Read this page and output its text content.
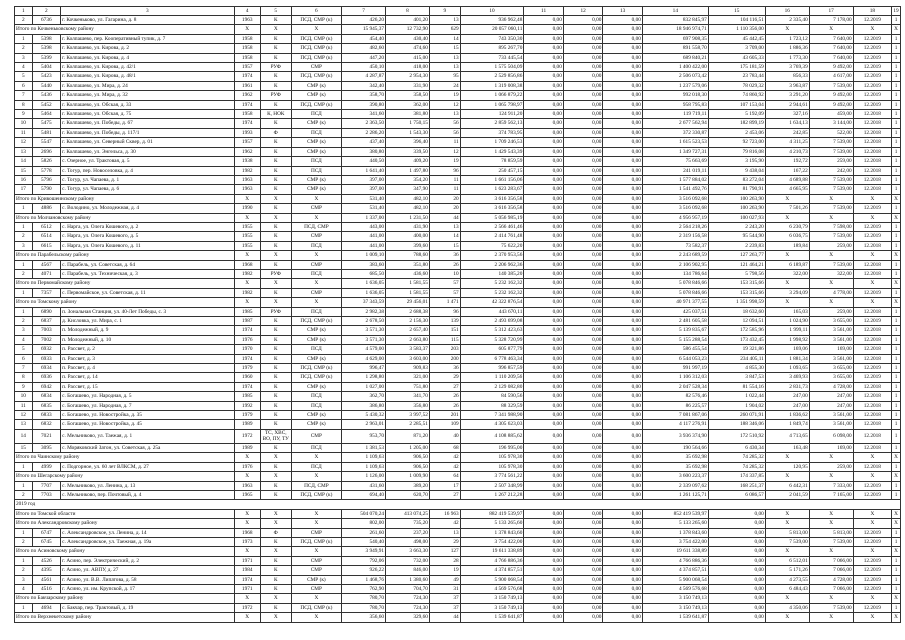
1	2	3	4	5	6	7	8	9	10	11	12	13	14	15	16	17	18	19
2	6736	г. Кочкеньково, ул. Гагарина, д. 8	1963	К	ПСД, СМР (к)	426,20	401,20	13	936 962,48	0,00	0,00	0,00	832 845,97	104 116,51	2 335,40	7 178,00	12.2019	1
Итого по Кочкеньковскому району			X	X	X	15 945,37	12 732,90	629	20 057 060,11	0,00	0,00	0,00	18 946 974,71	1 110 356,00	X	X	X	X
1	5398	г. Колпашево, пер. Кооперативный тупик, д. 7	1958	К	ПСД, СМР (к)	454,40	430,40	14	743 350,30	0,00	0,00	0,00	697 908,35	45 442,45	1 723,12	7 640,00	12.2019	1
2	5398	г. Колпашево, ул. Кирова, д. 2	1958	К	ПСД, СМР (к)	482,60	474,60	15	895 267,70	0,00	0,00	0,00	891 558,70	3 709,00	1 886,36	7 640,00	12.2019	1
3	5399	г. Колпашево, ул. Кирова, д. 4	1958	К	ПСД, СМР (к)	447,20	415,00	13	733 445,54	0,00	0,00	0,00	689 840,21	43 605,33	1 773,30	7 640,00	12.2019	1
4	5404	г. Колпашево, ул. Кирова, д. 42/1	1957	РУФ	СМР	450,10	418,00	13	1 575 504,09	0,00	0,00	0,00	1 400 422,00	175 181,59	3 769,39	9 492,00	12.2019	1
5	5423	г. Колпашево, ул. Кирова, д. 48/1	1974	К	ПСД, СМР (к)	4 287,87	2 954,30	95	2 529 856,86	0,00	0,00	0,00	2 506 073,42	23 783,44	856,33	4 617,00	12.2019	1
6	5440	г. Колпашево, ул. Мира, д. 24	1961	К	СМР (к)	342,40	331,90	24	1 319 008,38	0,00	0,00	0,00	1 237 579,06	78 029,32	3 963,87	7 539,00	12.2019	1
7	5436	г. Колпашево, ул. Мира, д. 32	1962	РУФ	СМР (к)	358,70	358,50	19	1 066 879,22	0,00	0,00	0,00	992 018,30	74 860,92	3 291,20	9 492,00	12.2019	1
8	5452	г. Колпашево, ул. Обская, д. 33	1974	К	ПСД, СМР (к)	390,80	362,00	12	1 065 798,97	0,00	0,00	0,00	958 795,83	107 153,04	2 944,61	9 492,00	12.2019	1
9	5464	г. Колпашево, ул. Обская, д. 75	1958	К, НОК	ПСД	341,60	381,80	13	124 911,20	0,00	0,00	0,00	119 719,11	5 192,09	327,16	459,00	12.2018	1
10	5475	г. Колпашево, ул. Победы, д. 67	1974	К	СМР (к)	2 363,50	1 750,15	56	2 859 562,13	0,00	0,00	0,00	2 677 562,94	182 899,19	1 634,13	3 144,00	12.2018	1
11	5481	г. Колпашево, ул. Победы, д. 117/1	1993	Ф	ПСД	2 286,20	1 543,30	56	374 783,95	0,00	0,00	0,00	372 330,87	2 453,06	242,85	522,00	12.2018	1
12	5547	г. Колпашево, ул. Северный Сквер, д. 01	1957	К	СМР (к)	437,40	396,40	11	1 709 246,53	0,00	0,00	0,00	1 615 523,53	92 723,00	4 311,25	7 539,00	12.2018	1
13	2696	г. Колпашево, ул. Энгельса, д. 30	1962	К	СМР (к)	380,80	339,50	12	1 429 543,39	0,00	0,00	0,00	1 349 727,31	79 816,08	4 210,73	7 539,00	12.2018	1
14	5826	с. Озерное, ул. Трактовая, д. 5	1938	К	ПСД	440,50	409,20	19	78 859,59	0,00	0,00	0,00	75 663,69	3 195,90	192,72	259,00	12.2018	1
15	5778	с. Тогур, пер. Новоселовка, д. 4	1982	К	ПСД	1 641,40	1 497,80	96	250 457,15	0,00	0,00	0,00	241 019,11	9 438,04	167,22	242,00	12.2018	1
16	5796	с. Тогур, ул. Чапаева, д. 1	1963	К	СМР (к)	397,00	354,20	11	1 661 156,06	0,00	0,00	0,00	1 577 884,02	83 272,04	4 689,88	7 539,00	12.2018	1
17	5790	с. Тогур, ул. Чапаева, д. 6	1963	К	СМР (к)	397,00	347,90	11	1 623 283,67	0,00	0,00	0,00	1 541 492,76	81 790,91	4 665,95	7 539,00	12.2018	1
Итого по Кривошеинскому району			X	X	X	531,40	482,10	20	3 616 356,58	0,00	0,00	0,00	3 516 092,68	100 263,90	X	X	X	X
1	4886	с. Володино, ул. Молодежная, д. 4	1990	К	СМР	531,40	482,10	20	3 616 356,58	0,00	0,00	0,00	3 516 092,68	100 263,90	7 501,26	7 539,00	12.2019	1
Итого по Молчановскому району			X	X	X	1 337,00	1 231,50	44	5 056 985,19	0,00	0,00	0,00	4 956 957,19	100 027,93	X	X	X	X
1	6512	с. Нарга, ул. Олега Кошевого, д. 2	1955	К	ПСД, СМР	443,00	431,90	13	2 566 461,46	0,00	0,00	0,00	2 564 218,26	2 243,20	6 230,79	7 598,00	12.2019	1
2	6514	с. Нарга, ул. Олега Кошевого, д. 5	1955	К	СМР	441,00	400,00	14	2 414 761,48	0,00	0,00	0,00	2 319 156,58	95 544,90	6 036,75	7 539,00	12.2019	1
3	6615	с. Нарга, ул. Олега Кошевого, д. 11	1955	К	ПСД	441,00	399,60	15	75 622,20	0,00	0,00	0,00	73 582,37	2 239,83	189,84	259,00	12.2018	1
Итого по Парабельскому району			X	X	X	1 009,10	788,60	36	2 370 953,56	0,00	0,00	0,00	2 243 689,59	127 263,77	X	X	X	X
1	4567	с. Парабель, ул. Советская, д. 64	1968	К	СМР	383,60	351,80	26	2 206 962,36	0,00	0,00	0,00	2 106 902,95	121 464,21	6 189,87	7 539,00	12.2018	1
2	4071	с. Парабель, ул. Техническая, д. 3	1982	РУФ	ПСД	685,50	436,60	10	140 385,20	0,00	0,00	0,00	134 786,64	5 798,56	322,00	322,00	12.2018	1
Итого по Первомайскому району			X	X	X	1 636,05	1 581,55	57	5 232 162,32	0,00	0,00	0,00	5 078 846,66	153 315,66	X	X	X	X
1	7357	с. Первомайское, ул. Советская, д. 11	1982	К	СМР	1 636,05	1 581,55	57	5 232 162,32	0,00	0,00	0,00	5 078 846,66	153 315,66	3 294,09	4 778,00	12.2019	1
Итого по Томскому району			X	X	X	37 343,59	29 456,01	1 471	42 322 876,54	0,00	0,00	0,00	40 971 377,55	1 351 998,59	X	X	X	X
1	6890	п. Зональная Станция, ул. 40-Лет Победы, с. 3	1985	РУФ	ПСД	2 982,38	2 688,38	96	443 670,11	0,00	0,00	0,00	425 037,51	18 632,60	165,03	259,00	12.2018	1
2	6837	д. Кисловка, ул. Мира, с. 1	1987	К	ПСД, СМР (к)	2 678,50	2 156,30	139	2 493 699,08	0,00	0,00	0,00	2 481 605,58	12 094,51	1 024,90	3 655,00	12.2019	1
3	7003	п. Молодежный, д. 9	1974	К	СМР (к)	3 571,30	2 657,40	151	5 312 423,63	0,00	0,00	0,00	5 139 835,67	172 585,96	1 999,11	3 561,00	12.2018	1
4	7002	п. Молодежный, д. 10	1976	К	СМР (к)	3 571,30	2 663,80	115	5 328 720,99	0,00	0,00	0,00	5 155 288,54	173 432,45	1 998,92	3 561,00	12.2018	1
5	6932	п. Рассвет, д. 2	1970	К	ПСД	4 579,00	3 583,37	203	605 877,79	0,00	0,00	0,00	586 455,54	19 321,86	169,06	169,00	12.2018	1
6	6933	п. Рассвет, д. 3	1974	К	СМР (к)	4 629,00	3 603,00	200	6 778 463,34	0,00	0,00	0,00	6 544 053,23	234 405,11	1 881,34	3 561,00	12.2018	1
7	6934	п. Рассвет, д. 4	1979	К	ПСД, СМР (к)	996,47	909,83	36	996 857,59	0,00	0,00	0,00	991 997,19	4 855,30	1 093,65	3 655,00	12.2019	1
8	6936	п. Рассвет, д. 14	1960	К	ПСД, СМР (к)	1 298,80	321,00	29	1 110 209,56	0,00	0,00	0,00	1 106 312,03	3 847,53	3 469,93	3 655,00	12.2019	1
9	6942	п. Рассвет, д. 15	1974	К	СМР (к)	1 027,00	751,80	27	2 129 082,80	0,00	0,00	0,00	2 047 528,34	81 554,16	2 831,73	4 728,00	12.2018	1
10	6834	с. Богашево, ул. Народная, д. 5	1985	К	ПСД	362,70	341,70	26	84 590,56	0,00	0,00	0,00	82 576,46	1 022,44	247,00	247,00	12.2018	1
11	6835	с. Богашево, ул. Народная, д. 7	1992	К	ПСД	386,80	356,80	26	88 329,59	0,00	0,00	0,00	86 225,57	1 904,02	247,00	247,00	12.2018	1
12	6833	с. Богашево, ул. Новостройка, д. 35	1979	К	СМР (к)	5 430,32	3 997,52	201	7 341 988,90	0,00	0,00	0,00	7 081 867,06	260 071,91	1 836,62	3 561,00	12.2018	1
13	6832	с. Богашево, ул. Новостройка, д. 45	1989	К	СМР (к)	2 963,01	2 285,51	109	4 305 623,03	0,00	0,00	0,00	4 117 276,91	188 346,06	1 849,74	3 561,00	12.2018	1
14	7021	с. Мельниково, ул. Таежая, д. 1	1972	ТС, ХВС, ВО, ПУ, ТУ	СМР	953,70	871,20	40	4 108 885,62	0,00	0,00	0,00	3 936 374,90	172 510,92	4 713,65	6 098,00	12.2018	1
15	3095	с. Моряковский Затон, ул. Советская, д. 25а	1989	К	ПСД	1 381,53	1 205,00	68	196 995,00	0,00	0,00	0,00	190 564,66	6 430,34	163,48	169,00	12.2018	1
Итого по Чаинскому району			X	X	X	1 109,63	906,50	42	105 978,30	0,00	0,00	0,00	35 692,98	74 285,32	X	X	X	X
1	4999	с. Подгорное, ул. 60 лет ВЛКСМ, д. 27	1976	К	ПСД	1 109,63	906,50	42	105 978,30	0,00	0,00	0,00	35 692,98	74 285,32	120,95	259,00	12.2018	1
Итого по Шегарскому району			X	X	X	1 126,00	1 009,90	64	3 774 561,22	0,00	0,00	0,00	3 600 223,37	174 337,85	X	X	X	X
1	7707	с. Мельниково, ул. Ленина, д. 13	1963	К	ПСД, СМР	431,60	389,20	17	2 507 348,99	0,00	0,00	0,00	2 339 097,62	168 251,37	6 442,31	7 333,00	12.2019	1
2	7703	с. Мельниково, пер. Почтовый, д. 4	1965	К	ПСД, СМР (к)	694,40	620,70	27	1 267 212,28	0,00	0,00	0,00	1 261 125,71	6 086,57	2 041,59	7 165,00	12.2019	1
2019 год																		
Итого по Томской области			X	X	X	504 070,24	413 074,25	16 963	882 419 539,97	0,00	0,00	0,00	852 419 539,97	0,00	X	X	X	X
Итого по Александровскому району			X	X	X	802,00	735,20	42	5 133 265,60	0,00	0,00	0,00	5 133 265,60	0,00	X	X	X	X
1	6747	с. Александровское, ул. Ленина, д. 14	1968	Ф	СМР	261,60	237,20	13	1 378 843,60	0,00	0,00	0,00	1 378 843,60	0,00	5 813,00	5 813,00	12.2019	1
2	6745	с. Александровское, ул. Таежная, д. 19а	1973	К	ПСД, СМР (к)	540,40	498,00	29	3 754 422,00	0,00	0,00	0,00	3 754 422,00	0,00	7 539,00	7 539,00	12.2019	1
Итого по Асиновскому району			X	X	X	3 949,91	3 663,30	127	19 611 338,89	0,00	0,00	0,00	19 611 338,89	0,00	X	X	X	X
1	4526	г. Асино, пер. Электрический, д. 2	1971	К	СМР	792,06	732,00	28	4 766 886,36	0,00	0,00	0,00	4 766 886,36	0,00	6 512,01	7 066,00	12.2019	1
2	4395	г. Асино, ул. АВПУ, д. 27	1984	К	СМР	926,22	846,00	19	4 374 857,51	0,00	0,00	0,00	4 374 857,51	0,00	5 171,26	7 066,00	12.2019	1
3	4561	г. Асино, ул. В.В. Липатова, д. 58	1974	К	СМР (к)	1 468,76	1 380,60	49	5 900 068,54	0,00	0,00	0,00	5 900 068,54	0,00	4 273,55	4 728,00	12.2019	1
4	4516	г. Асино, ул. им. Крупской, д. 17	1971	К	СМР	762,90	704,70	31	4 569 576,68	0,00	0,00	0,00	4 569 576,68	0,00	6 484,43	7 066,00	12.2019	1
Итого по Бакчарскому району			X	X	X	780,70	724,30	37	3 150 749,13	0,00	0,00	0,00	3 150 749,13	0,00	X	X	X	X
1	4694	с. Бакчар, пер. Трактовый, д. 19	1972	К	ПСД, СМР (к)	780,70	724,30	37	3 150 749,13	0,00	0,00	0,00	3 150 749,13	0,00	4 350,06	7 539,00	12.2019	1
Итого по Верхнекетскому району			X	X	X	356,60	329,60	44	1 539 641,87	0,00	0,00	0,00	1 539 641,87	0,00	X	X	X	X
